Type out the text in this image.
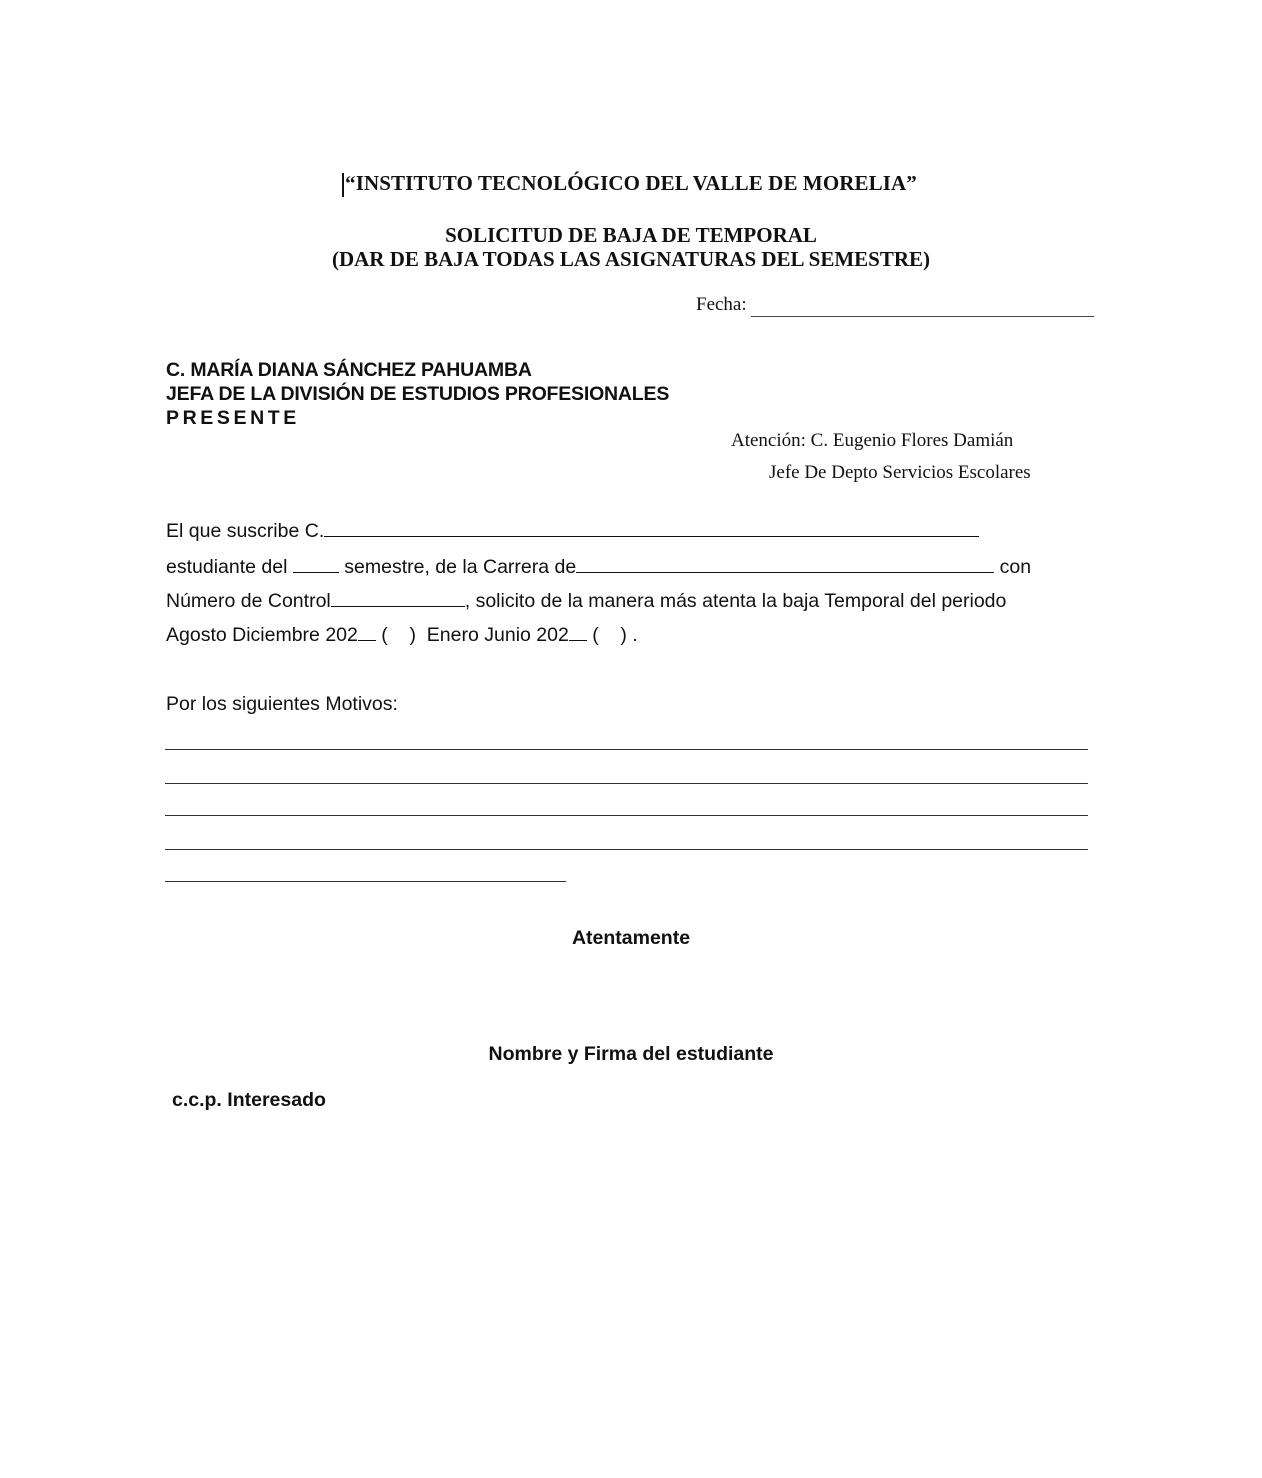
“INSTITUTO TECNOLÓGICO DEL VALLE DE MORELIA”
SOLICITUD DE BAJA DE TEMPORAL
(DAR DE BAJA TODAS LAS ASIGNATURAS DEL SEMESTRE)
Fecha:
C. MARÍA DIANA SÁNCHEZ PAHUAMBA
JEFA DE LA DIVISIÓN DE ESTUDIOS PROFESIONALES
PRESENTE
Atención: C. Eugenio Flores Damián
Jefe De Depto Servicios Escolares
El que suscribe C.
estudiante del	semestre, de la Carrera de	con
Número de Control	, solicito de la manera más atenta la baja Temporal del periodo
Agosto Diciembre 202 (    ) Enero Junio 202 (    ) .
Por los siguientes Motivos:
Atentamente
Nombre y Firma del estudiante
c.c.p. Interesado
